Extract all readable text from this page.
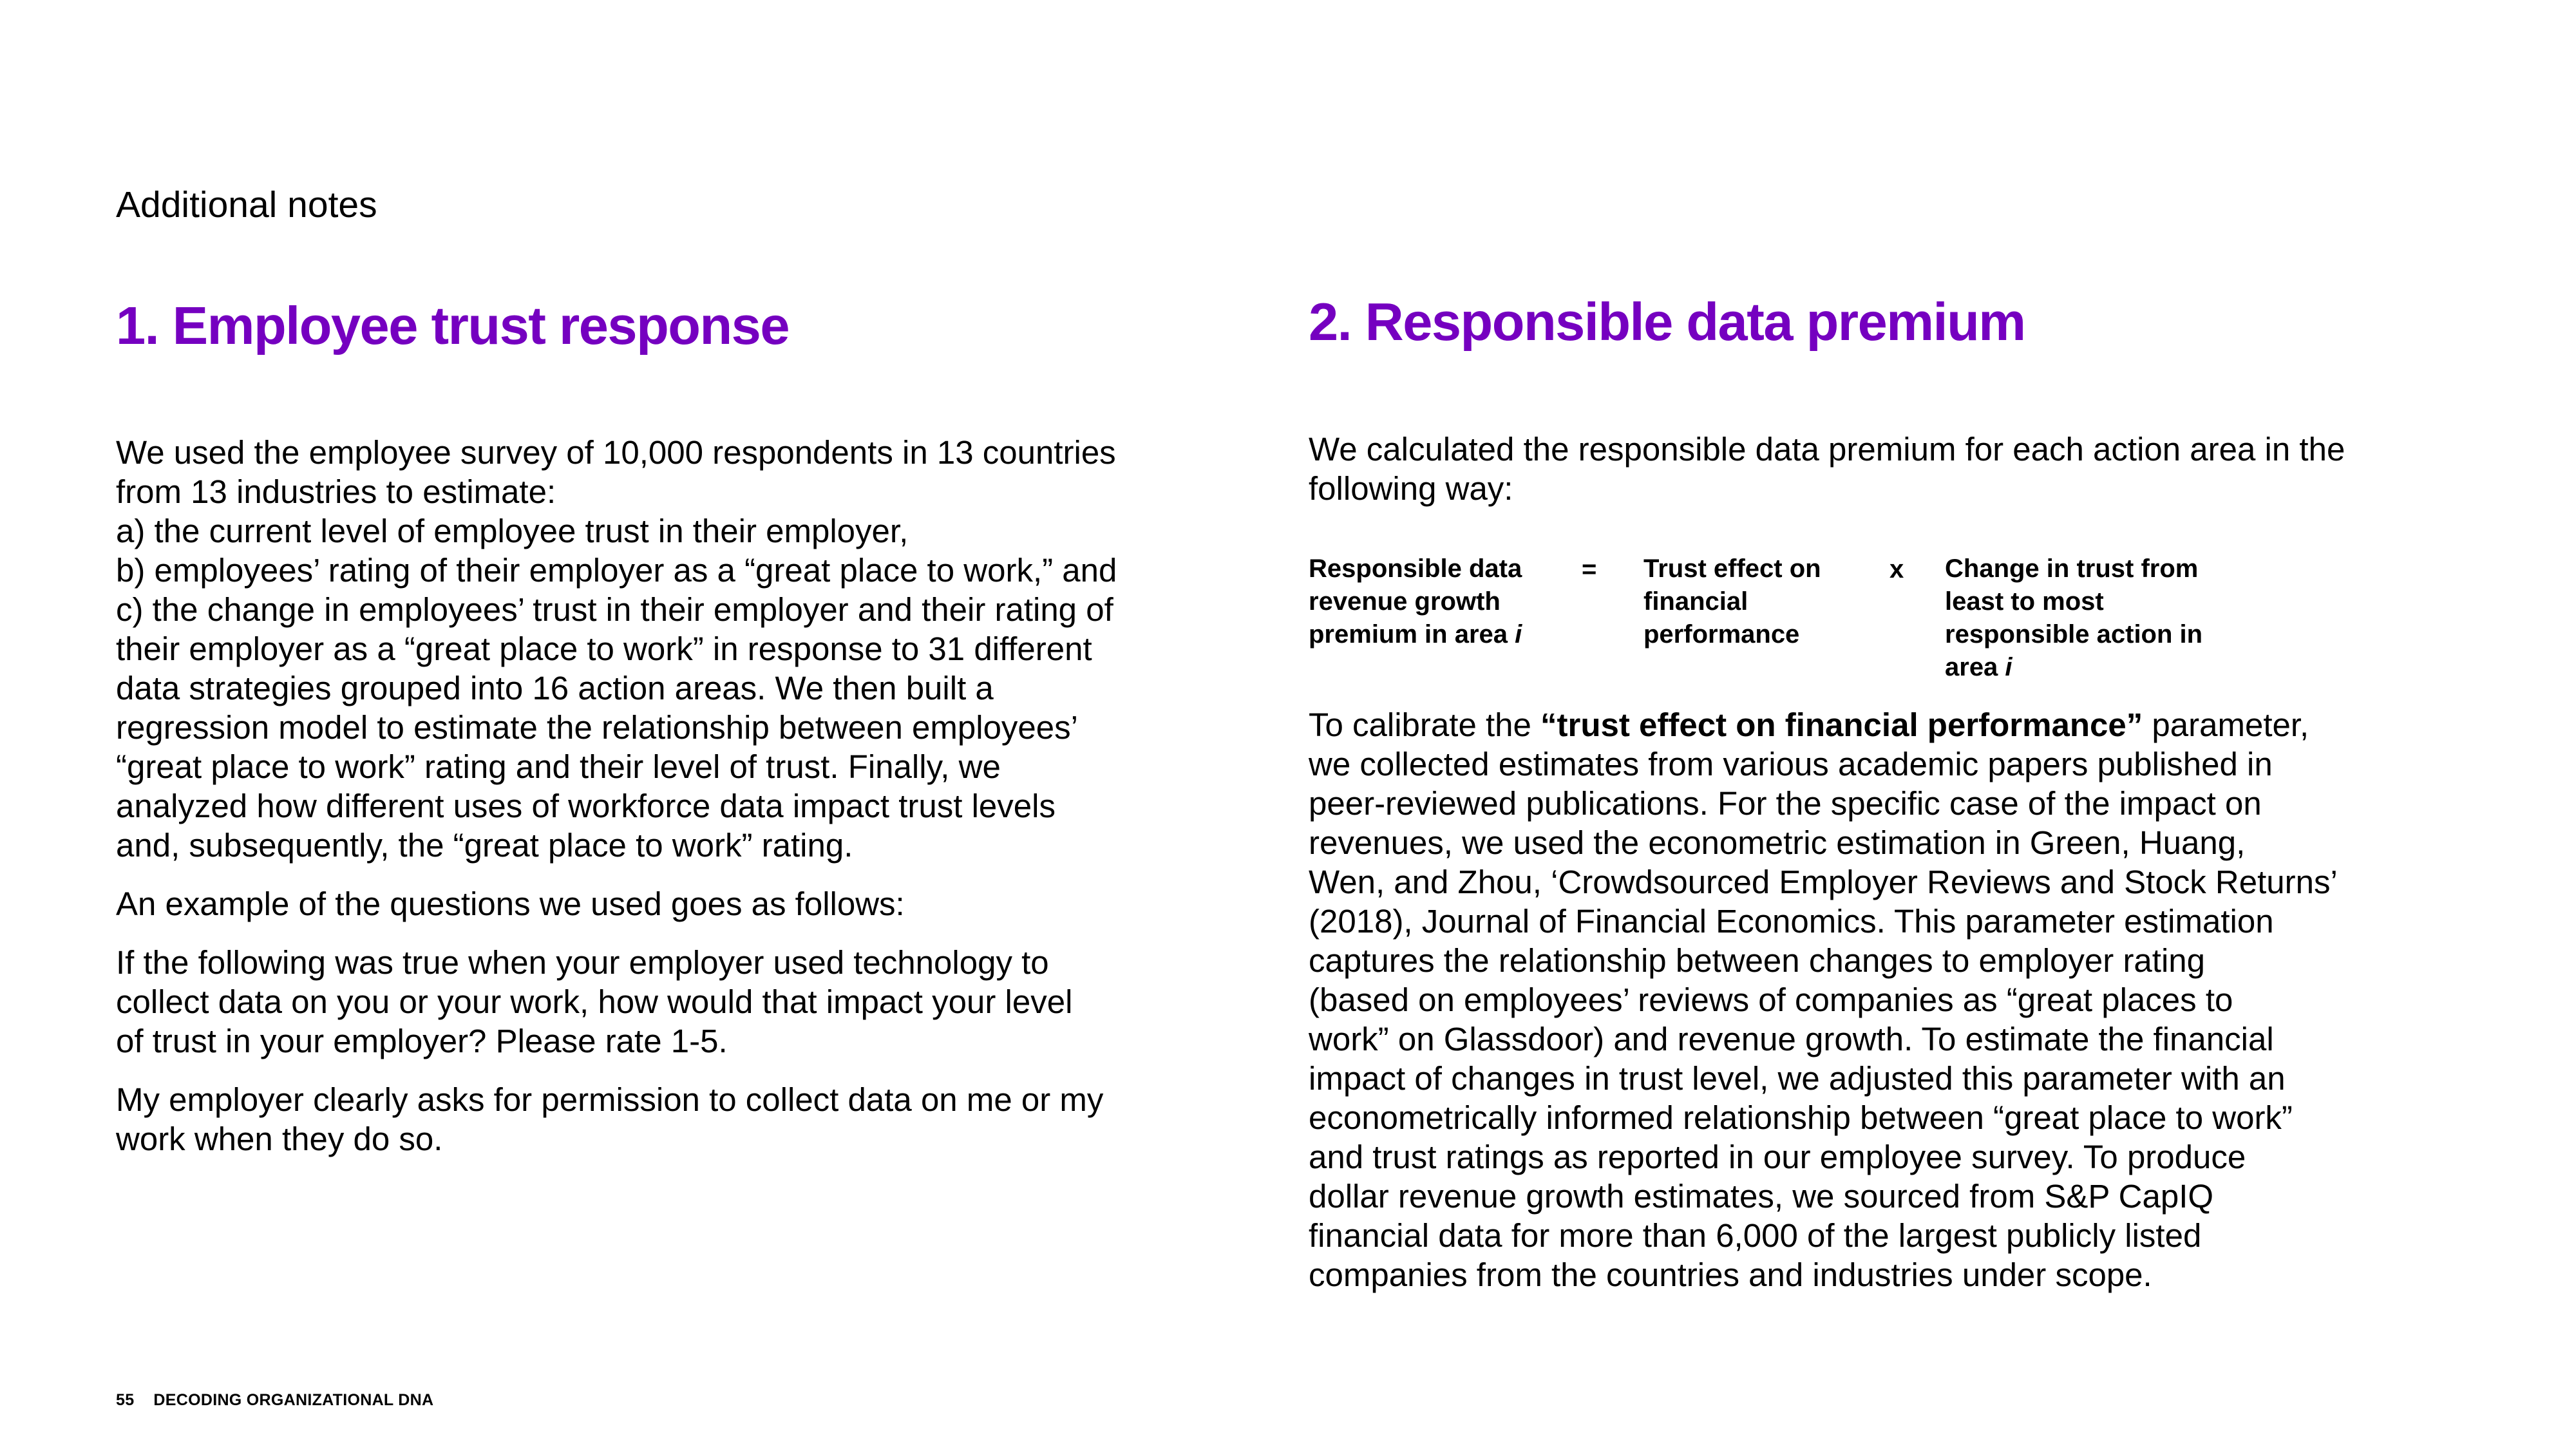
Additional notes

1. Employee trust response
We used the employee survey of 10,000 respondents in 13 countries
from 13 industries to estimate:
a) the current level of employee trust in their employer,
b) employees’ rating of their employer as a “great place to work,” and
c) the change in employees’ trust in their employer and their rating of
their employer as a “great place to work” in response to 31 different
data strategies grouped into 16 action areas. We then built a
regression model to estimate the relationship between employees’
“great place to work” rating and their level of trust. Finally, we
analyzed how different uses of workforce data impact trust levels
and, subsequently, the “great place to work” rating.
An example of the questions we used goes as follows:
If the following was true when your employer used technology to
collect data on you or your work, how would that impact your level
of trust in your employer? Please rate 1-5.
My employer clearly asks for permission to collect data on me or my
work when they do so.
2. Responsible data premium
We calculated the responsible data premium for each action area in the
following way:
Responsible data
revenue growth
premium in area i
= Trust effect on
financial
performance
x Change in trust from
least to most
responsible action in
area i
To calibrate the “trust effect on financial performance” parameter,
we collected estimates from various academic papers published in
peer-reviewed publications. For the specific case of the impact on
revenues, we used the econometric estimation in Green, Huang,
Wen, and Zhou, ‘Crowdsourced Employer Reviews and Stock Returns’
(2018), Journal of Financial Economics. This parameter estimation
captures the relationship between changes to employer rating
(based on employees’ reviews of companies as “great places to
work” on Glassdoor) and revenue growth. To estimate the financial
impact of changes in trust level, we adjusted this parameter with an
econometrically informed relationship between “great place to work”
and trust ratings as reported in our employee survey. To produce
dollar revenue growth estimates, we sourced from S&P CapIQ
financial data for more than 6,000 of the largest publicly listed
companies from the countries and industries under scope.
55 DECODING ORGANIZATIONAL DNA
